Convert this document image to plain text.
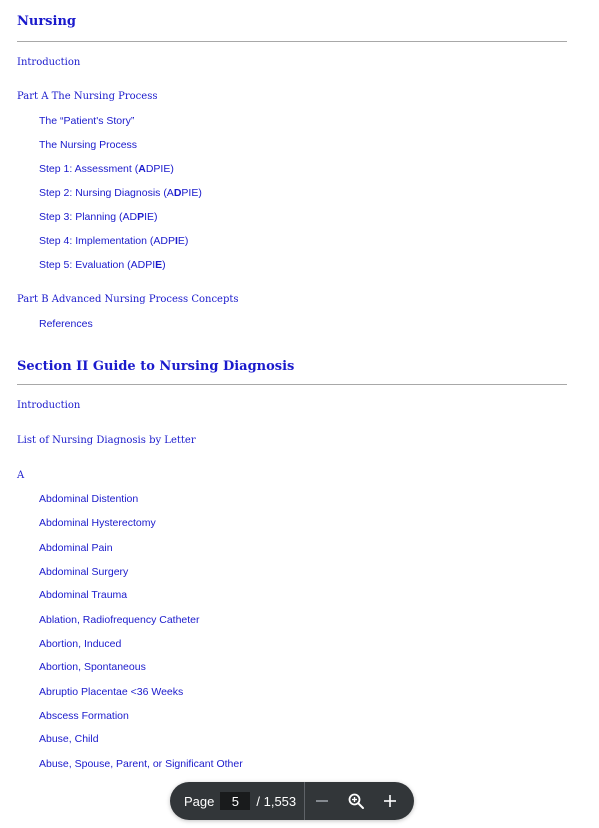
Nursing
Introduction
Part A The Nursing Process
The “Patient's Story”
The Nursing Process
Step 1: Assessment (ADPIE)
Step 2: Nursing Diagnosis (ADPIE)
Step 3: Planning (ADPIE)
Step 4: Implementation (ADPIE)
Step 5: Evaluation (ADPIE)
Part B Advanced Nursing Process Concepts
References
Section II Guide to Nursing Diagnosis
Introduction
List of Nursing Diagnosis by Letter
A
Abdominal Distention
Abdominal Hysterectomy
Abdominal Pain
Abdominal Surgery
Abdominal Trauma
Ablation, Radiofrequency Catheter
Abortion, Induced
Abortion, Spontaneous
Abruptio Placentae <36 Weeks
Abscess Formation
Abuse, Child
Abuse, Spouse, Parent, or Significant Other
Page
5	/ 1,553
